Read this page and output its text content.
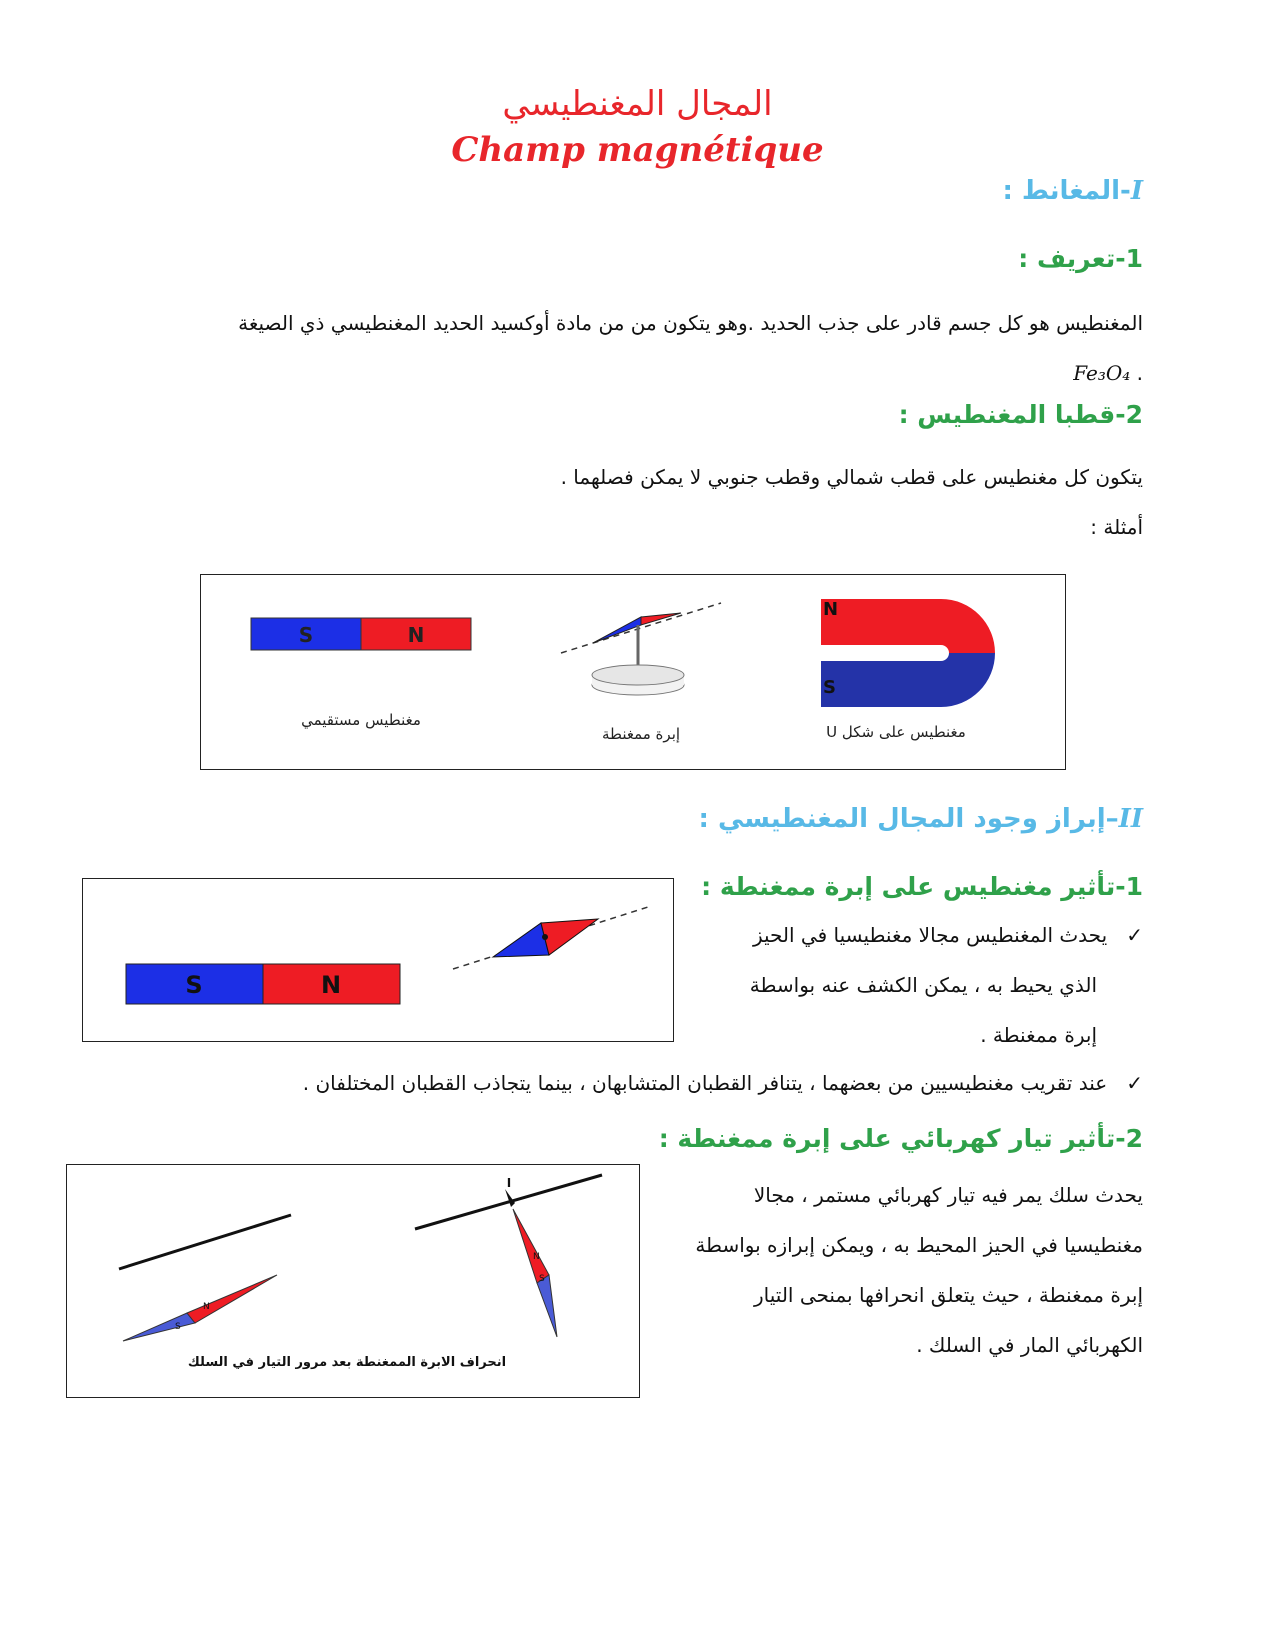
المجال المغنطيسي
Champ magnétique
I-المغانط :
1-تعريف :
المغنطيس هو كل جسم قادر على جذب الحديد .وهو يتكون من من مادة أوكسيد الحديد المغنطيسي ذي الصيغة
. Fe₃O₄
2-قطبا المغنطيس :
يتكون كل مغنطيس على قطب شمالي وقطب جنوبي لا يمكن فصلهما .
أمثلة :
S	N
N
S
مغنطيس مستقيمي
إبرة ممغنطة	مغنطيس على شكل U
II–إبراز وجود المجال المغنطيسي :
1-تأثير مغنطيس على إبرة ممغنطة :
S	N
✓   يحدث المغنطيس مجالا مغنطيسيا في الحيز
الذي يحيط به ، يمكن الكشف عنه بواسطة
إبرة ممغنطة .
✓   عند تقريب مغنطيسيين من بعضهما ، يتنافر القطبان المتشابهان ، بينما يتجاذب القطبان المختلفان .
2-تأثير تيار كهربائي على إبرة ممغنطة :
S
N
I
N
S
انحراف الابرة الممغنطة بعد مرور التيار في السلك
يحدث سلك يمر فيه تيار كهربائي مستمر ، مجالا
مغنطيسيا في الحيز المحيط به ، ويمكن إبرازه بواسطة
إبرة ممغنطة ، حيث يتعلق انحرافها بمنحى التيار
الكهربائي المار في السلك .
